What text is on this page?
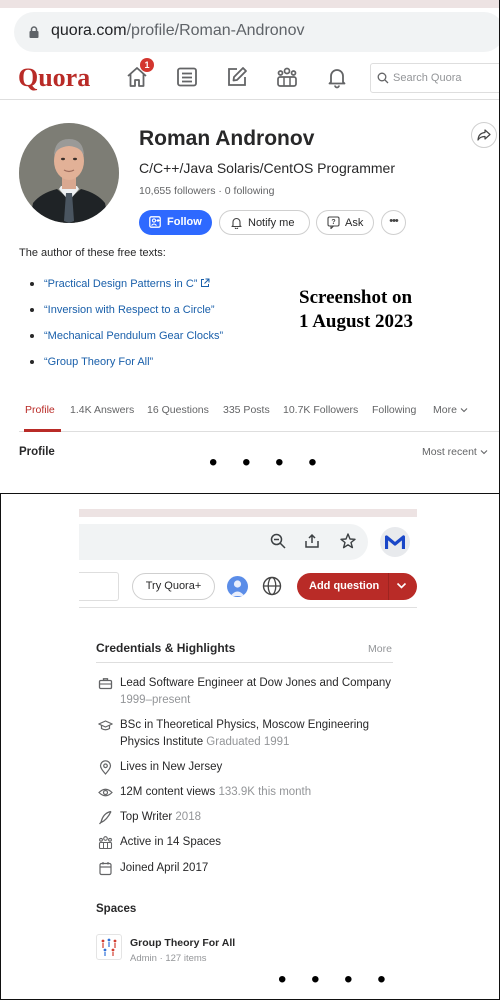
quora.com/profile/Roman-Andronov
Quora	1
Search Quora
Roman Andronov
C/C++/Java Solaris/CentOS Programmer
10,655 followers · 0 following
Follow	Notify me	? Ask	•••
The author of these free texts:
“Practical Design Patterns in C”
“Inversion with Respect to a Circle”
“Mechanical Pendulum Gear Clocks”
“Group Theory For All”
Screenshot on
1 August 2023
Profile 1.4K Answers 16 Questions 335 Posts 10.7K Followers Following More
Profile	Most recent
• • • •
Try Quora+	Add question
Credentials & Highlights	More
Lead Software Engineer at Dow Jones and Company 1999–present
BSc in Theoretical Physics, Moscow Engineering Physics Institute Graduated 1991
Lives in New Jersey
12M content views 133.9K this month
Top Writer 2018
Active in 14 Spaces
Joined April 2017
Spaces
Group Theory For All
Admin · 127 items
• • • •
